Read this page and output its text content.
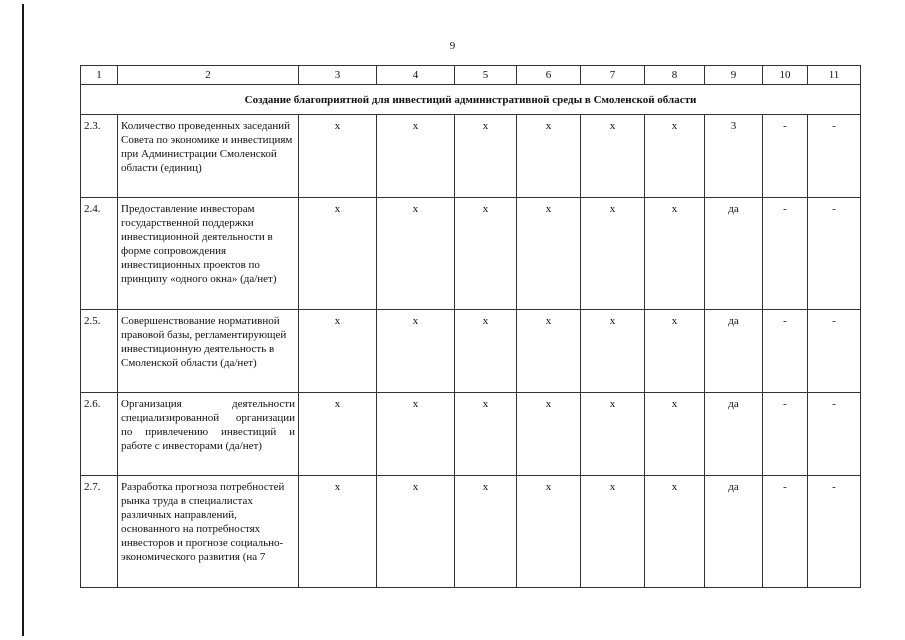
9
1	2	3	4	5	6	7	8	9	10	11
Создание благоприятной для инвестиций административной среды в Смоленской области										
2.3.	Количество проведенных заседаний Совета по экономике и инвестициям при Администрации Смоленской области (единиц)	х	х	х	х	х	х	3	-	-
2.4.	Предоставление инвесторам государственной поддержки инвестиционной деятельности в форме сопровождения инвестиционных проектов по принципу «одного окна» (да/нет)	х	х	х	х	х	х	да	-	-
2.5.	Совершенствование нормативной правовой базы, регламентирующей инвестиционную деятельность в Смоленской области (да/нет)	х	х	х	х	х	х	да	-	-
2.6.	Организация деятельности специализированной организации по привлечению инвестиций и работе с инвесторами (да/нет)	х	х	х	х	х	х	да	-	-
2.7.	Разработка прогноза потребностей рынка труда в специалистах различных направлений, основанного на потребностях инвесторов и прогнозе социально-экономического развития (на 7	х	х	х	х	х	х	да	-	-
